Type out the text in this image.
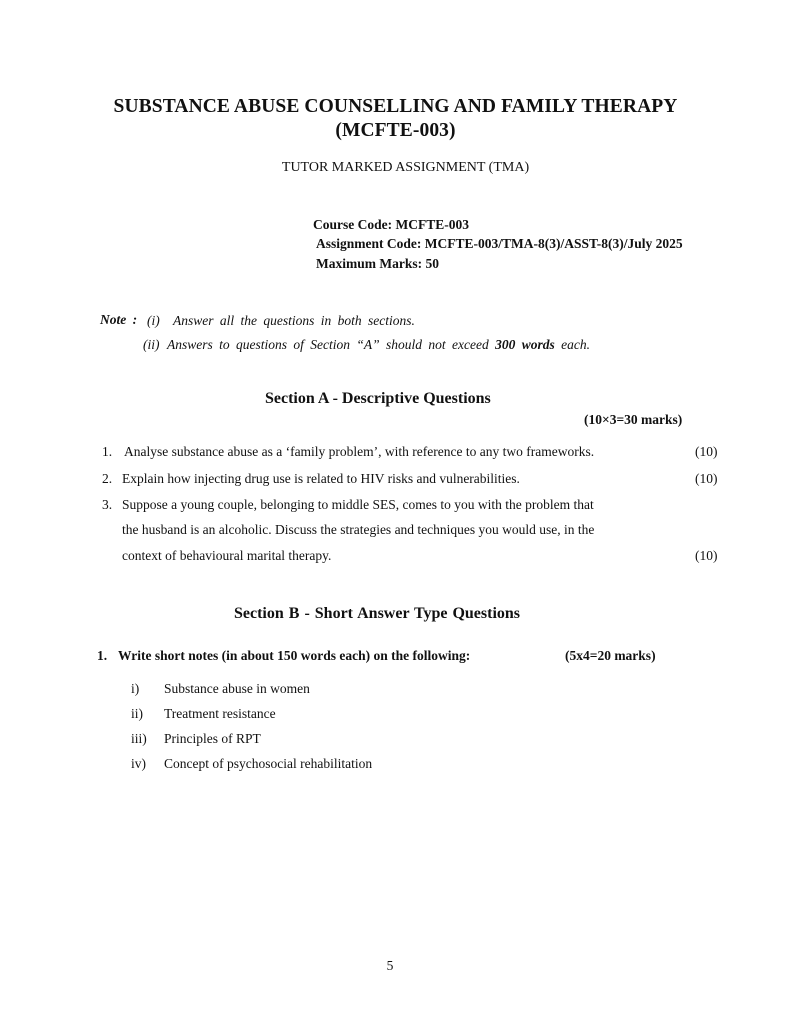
SUBSTANCE ABUSE COUNSELLING AND FAMILY THERAPY
(MCFTE-003)
TUTOR MARKED ASSIGNMENT (TMA)
Course Code: MCFTE-003
Assignment Code: MCFTE-003/TMA-8(3)/ASST-8(3)/July 2025
Maximum Marks: 50
Note : (i) Answer all the questions in both sections.
(ii) Answers to questions of Section “A” should not exceed 300 words each.
Section A - Descriptive Questions
(10×3=30 marks)
1. Analyse substance abuse as a ‘family problem’, with reference to any two frameworks.	(10)
2. Explain how injecting drug use is related to HIV risks and vulnerabilities.	(10)
3. Suppose a young couple, belonging to middle SES, comes to you with the problem that
the husband is an alcoholic. Discuss the strategies and techniques you would use, in the
context of behavioural marital therapy.	(10)
Section B - Short Answer Type Questions
1. Write short notes (in about 150 words each) on the following:	(5x4=20 marks)
i) Substance abuse in women
ii) Treatment resistance
iii) Principles of RPT
iv) Concept of psychosocial rehabilitation
5
